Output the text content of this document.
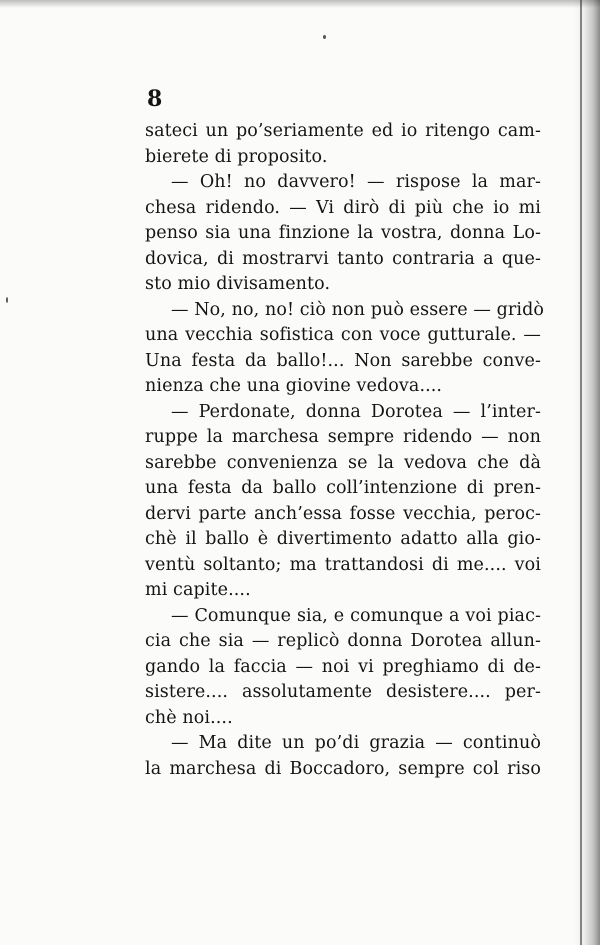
8
sateci un po’seriamente ed io ritengo cam-
bierete di proposito.
— Oh! no davvero! — rispose la mar-
chesa ridendo. — Vi dirò di più che io mi
penso sia una finzione la vostra, donna Lo-
dovica, di mostrarvi tanto contraria a que-
sto mio divisamento.
— No, no, no! ciò non può essere — gridò
una vecchia sofistica con voce gutturale. —
Una festa da ballo!... Non sarebbe conve-
nienza che una giovine vedova....
— Perdonate, donna Dorotea — l’inter-
ruppe la marchesa sempre ridendo — non
sarebbe convenienza se la vedova che dà
una festa da ballo coll’intenzione di pren-
dervi parte anch’essa fosse vecchia, peroc-
chè il ballo è divertimento adatto alla gio-
ventù soltanto; ma trattandosi di me.... voi
mi capite....
— Comunque sia, e comunque a voi piac-
cia che sia — replicò donna Dorotea allun-
gando la faccia — noi vi preghiamo di de-
sistere.... assolutamente desistere.... per-
chè noi....
— Ma dite un po’di grazia — continuò
la marchesa di Boccadoro, sempre col riso
